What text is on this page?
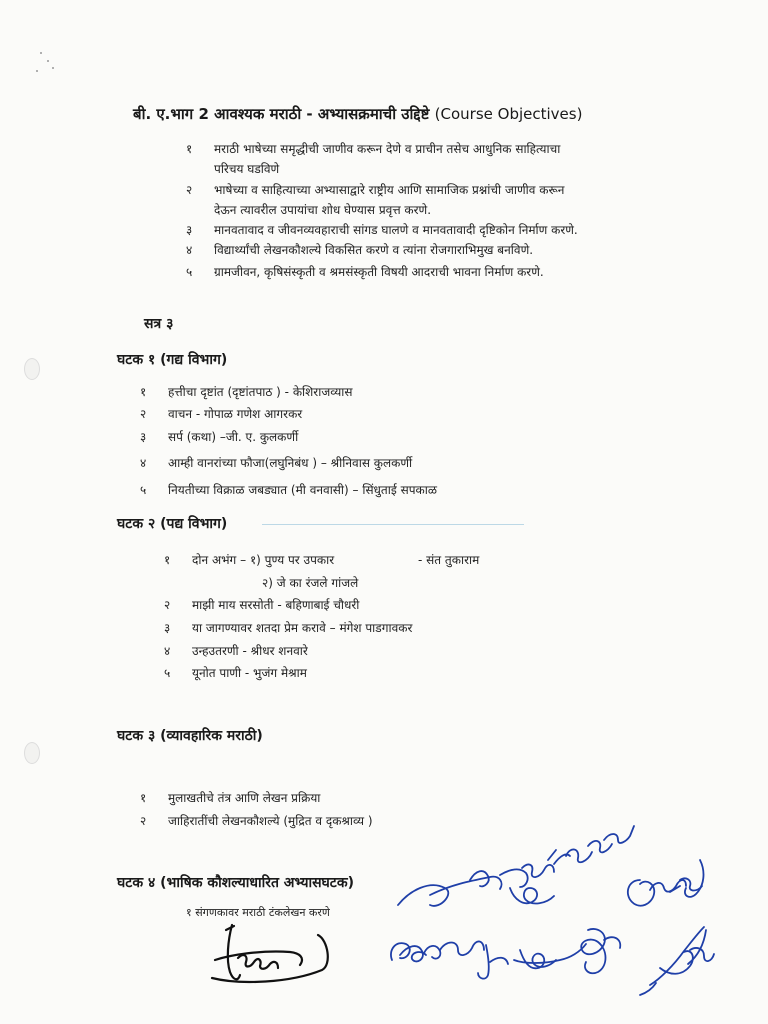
बी. ए.भाग 2 आवश्यक मराठी - अभ्यासक्रमाची उद्दिष्टे (Course Objectives)
१ मराठी भाषेच्या समृद्धीची जाणीव करून देणे व प्राचीन तसेच आधुनिक साहित्याचा
परिचय घडविणे
२ भाषेच्या व साहित्याच्या अभ्यासाद्वारे राष्ट्रीय आणि सामाजिक प्रश्नांची जाणीव करून
देऊन त्यावरील उपायांचा शोध घेण्यास प्रवृत्त करणे.
३ मानवतावाद व जीवनव्यवहाराची सांगड घालणे व मानवतावादी दृष्टिकोन निर्माण करणे.
४ विद्यार्थ्यांची लेखनकौशल्ये विकसित करणे व त्यांना रोजगाराभिमुख बनविणे.
५ ग्रामजीवन, कृषिसंस्कृती व श्रमसंस्कृती विषयी आदराची भावना निर्माण करणे.
सत्र ३
घटक १ (गद्य विभाग)
१ हत्तीचा दृष्टांत (दृष्टांतपाठ ) - केशिराजव्यास
२ वाचन - गोपाळ गणेश आगरकर
३ सर्प (कथा) –जी. ए. कुलकर्णी
४ आम्ही वानरांच्या फौजा(लघुनिबंध ) – श्रीनिवास कुलकर्णी
५ नियतीच्या विक्राळ जबड्यात (मी वनवासी) – सिंधुताई सपकाळ
घटक २ (पद्य विभाग)
१ दोन अभंग – १) पुण्य पर उपकार	- संत तुकाराम
२) जे का रंजले गांजले
२ माझी माय सरसोती - बहिणाबाई चौधरी
३ या जागण्यावर शतदा प्रेम करावे – मंगेश पाडगावकर
४ उन्हउतरणी - श्रीधर शनवारे
५ यूनोत पाणी - भुजंग मेश्राम
घटक ३ (व्यावहारिक मराठी)
१ मुलाखतीचे तंत्र आणि लेखन प्रक्रिया
२ जाहिरातींची लेखनकौशल्ये (मुद्रित व दृकश्राव्य )
घटक ४ (भाषिक कौशल्याधारित अभ्यासघटक)
१ संगणकावर मराठी टंकलेखन करणे
